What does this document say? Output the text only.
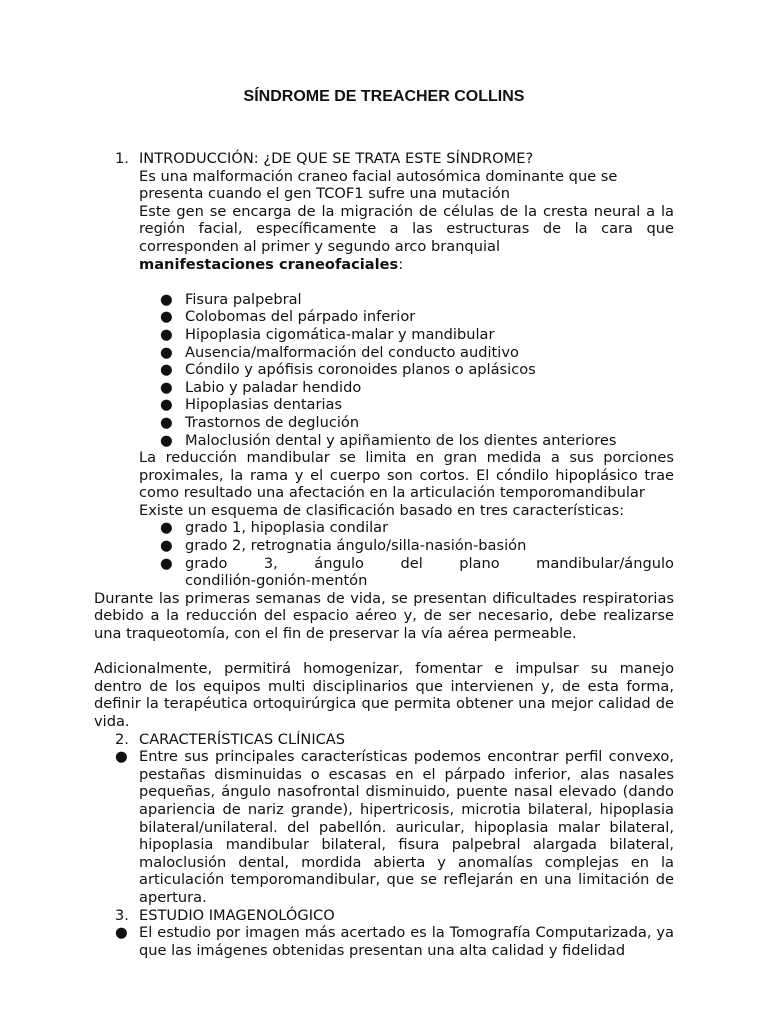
SÍNDROME DE TREACHER COLLINS
1. INTRODUCCIÓN: ¿DE QUE SE TRATA ESTE SÍNDROME?

Es una malformación craneo facial autosómica dominante que se presenta cuando el gen TCOF1 sufre una mutación

Este gen se encarga de la migración de células de la cresta neural a la región facial, específicamente a las estructuras de la cara que corresponden al primer y segundo arco branquial

manifestaciones craneofaciales:

● Fisura palpebral
● Colobomas del párpado inferior
● Hipoplasia cigomática-malar y mandibular
● Ausencia/malformación del conducto auditivo
● Cóndilo y apófisis coronoides planos o aplásicos
● Labio y paladar hendido
● Hipoplasias dentarias
● Trastornos de deglución
● Maloclusión dental y apiñamiento de los dientes anteriores

La reducción mandibular se limita en gran medida a sus porciones proximales, la rama y el cuerpo son cortos. El cóndilo hipoplásico trae como resultado una afectación en la articulación temporomandibular

Existe un esquema de clasificación basado en tres características:

● grado 1, hipoplasia condilar
● grado 2, retrognatia ángulo/silla-nasión-basión
● grado 3, ángulo del plano mandibular/ángulo
condilión-gonión-mentón

Durante las primeras semanas de vida, se presentan dificultades respiratorias debido a la reducción del espacio aéreo y, de ser necesario, debe realizarse una traqueotomía, con el fin de preservar la vía aérea permeable.

Adicionalmente, permitirá homogenizar, fomentar e impulsar su manejo dentro de los equipos multi disciplinarios que intervienen y, de esta forma, definir la terapéutica ortoquirúrgica que permita obtener una mejor calidad de vida.

2. CARACTERÍSTICAS CLÍNICAS
● Entre sus principales características podemos encontrar perfil convexo, pestañas disminuidas o escasas en el párpado inferior, alas nasales pequeñas, ángulo nasofrontal disminuido, puente nasal elevado (dando apariencia de nariz grande), hipertricosis, microtia bilateral, hipoplasia bilateral/unilateral. del pabellón. auricular, hipoplasia malar bilateral, hipoplasia mandibular bilateral, fisura palpebral alargada bilateral, maloclusión dental, mordida abierta y anomalías complejas en la articulación temporomandibular, que se reflejarán en una limitación de apertura.
3. ESTUDIO IMAGENOLÓGICO
● El estudio por imagen más acertado es la Tomografía Computarizada, ya que las imágenes obtenidas presentan una alta calidad y fidelidad
